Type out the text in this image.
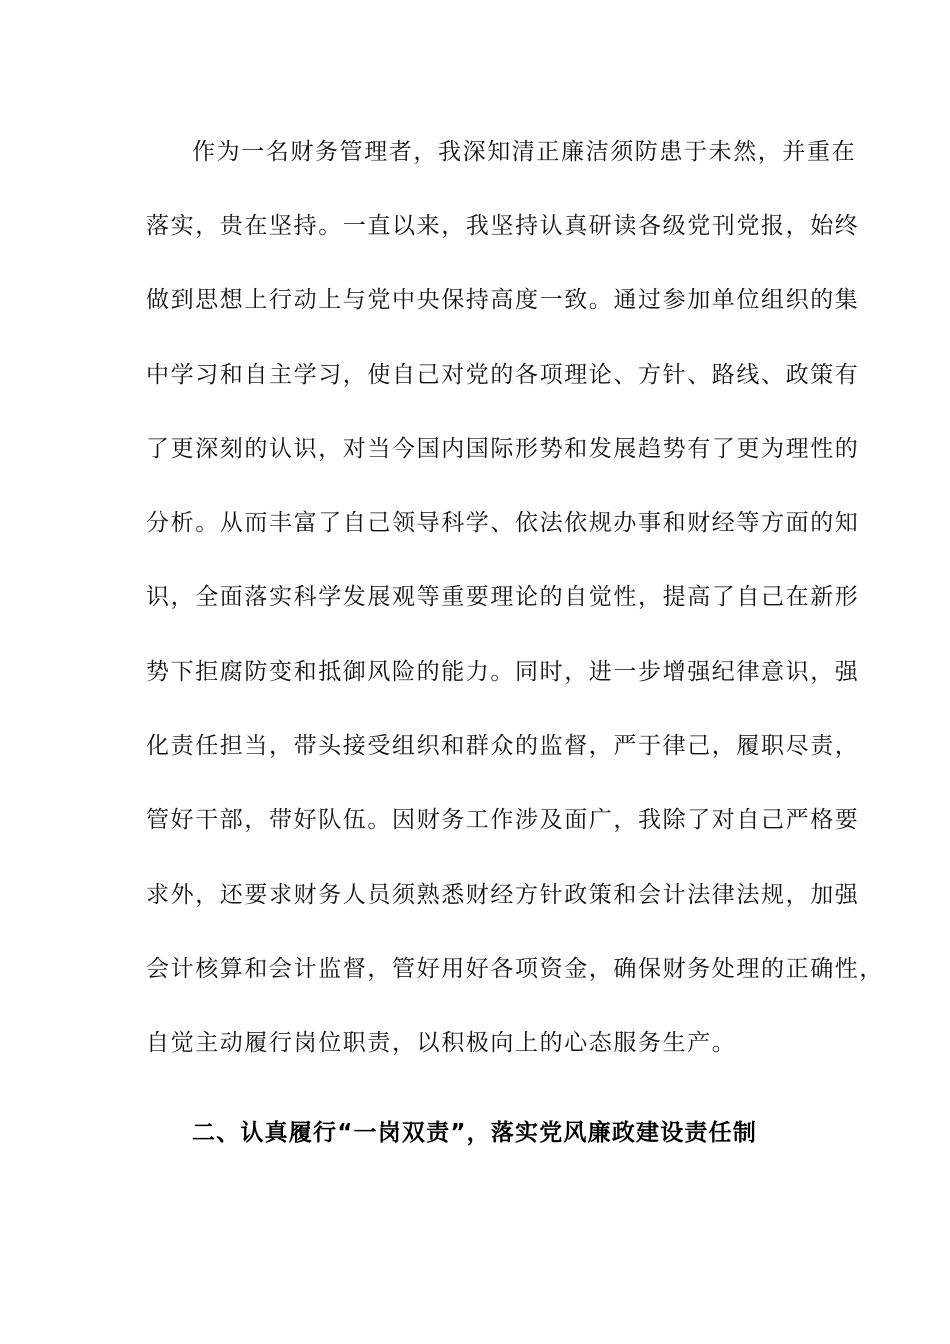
作为一名财务管理者，我深知清正廉洁须防患于未然，并重在
落实，贵在坚持。一直以来，我坚持认真研读各级党刊党报，始终
做到思想上行动上与党中央保持高度一致。通过参加单位组织的集
中学习和自主学习，使自己对党的各项理论、方针、路线、政策有
了更深刻的认识，对当今国内国际形势和发展趋势有了更为理性的
分析。从而丰富了自己领导科学、依法依规办事和财经等方面的知
识，全面落实科学发展观等重要理论的自觉性，提高了自己在新形
势下拒腐防变和抵御风险的能力。同时，进一步增强纪律意识，强
化责任担当，带头接受组织和群众的监督，严于律己，履职尽责，
管好干部，带好队伍。因财务工作涉及面广，我除了对自己严格要
求外，还要求财务人员须熟悉财经方针政策和会计法律法规，加强
会计核算和会计监督，管好用好各项资金，确保财务处理的正确性，
自觉主动履行岗位职责，以积极向上的心态服务生产。
二、认真履行“一岗双责”，落实党风廉政建设责任制
